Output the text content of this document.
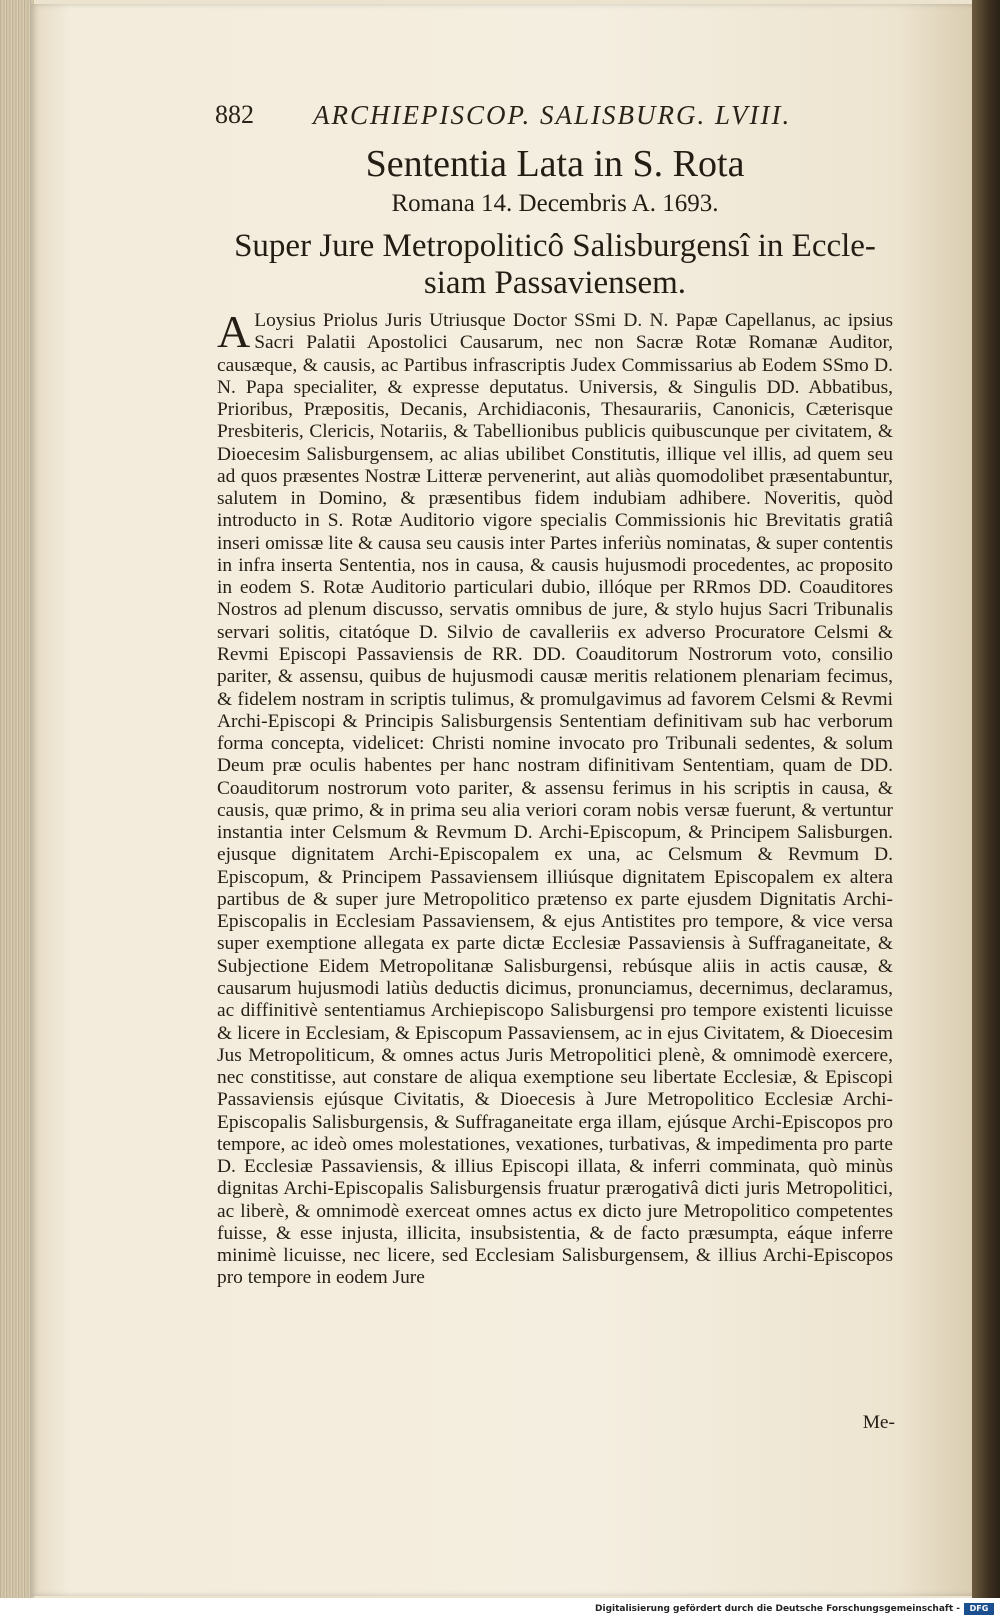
882 ARCHIEPISCOP. SALISBURG. LVIII.
Sententia Lata in S. Rota
Romana 14. Decembris A. 1693.
Super Jure Metropoliticô Salisburgensî in Eccle-
siam Passaviensem.

A Loysius Priolus Juris Utriusque Doctor SSmi D. N. Papæ Capellanus, ac ipsius Sacri Palatii Apostolici Causarum, nec non Sacræ Rotæ Romanæ Auditor, causæque, & causis, ac Partibus infrascriptis Judex Commissarius ab Eodem SSmo D. N. Papa specialiter, & expresse deputatus. Universis, & Singulis DD. Abbatibus, Prioribus, Præpositis, Decanis, Archidiaconis, Thesaurariis, Canonicis, Cæterisque Presbiteris, Clericis, Notariis, & Tabellionibus publicis quibuscunque per civitatem, & Dioecesim Salisburgensem, ac alias ubilibet Constitutis, illique vel illis, ad quem seu ad quos præsentes Nostræ Litteræ pervenerint, aut aliàs quomodolibet præsentabuntur, salutem in Domino, & præsentibus fidem indubiam adhibere. Noveritis, quòd introducto in S. Rotæ Auditorio vigore specialis Commissionis hic Brevitatis gratiâ inseri omissæ lite & causa seu causis inter Partes inferiùs nominatas, & super contentis in infra inserta Sententia, nos in causa, & causis hujusmodi procedentes, ac proposito in eodem S. Rotæ Auditorio particulari dubio, illóque per RRmos DD. Coauditores Nostros ad plenum discusso, servatis omnibus de jure, & stylo hujus Sacri Tribunalis servari solitis, citatóque D. Silvio de cavalleriis ex adverso Procuratore Celsmi & Revmi Episcopi Passaviensis de RR. DD. Coauditorum Nostrorum voto, consilio pariter, & assensu, quibus de hujusmodi causæ meritis relationem plenariam fecimus, & fidelem nostram in scriptis tulimus, & promulgavimus ad favorem Celsmi & Revmi Archi-Episcopi & Principis Salisburgensis Sententiam definitivam sub hac verborum forma concepta, videlicet: Christi nomine invocato pro Tribunali sedentes, & solum Deum præ oculis habentes per hanc nostram difinitivam Sententiam, quam de DD. Coauditorum nostrorum voto pariter, & assensu ferimus in his scriptis in causa, & causis, quæ primo, & in prima seu alia veriori coram nobis versæ fuerunt, & vertuntur instantia inter Celsmum & Revmum D. Archi-Episcopum, & Principem Salisburgen. ejusque dignitatem Archi-Episcopalem ex una, ac Celsmum & Revmum D. Episcopum, & Principem Passaviensem illiúsque dignitatem Episcopalem ex altera partibus de & super jure Metropolitico prætenso ex parte ejusdem Dignitatis Archi-Episcopalis in Ecclesiam Passaviensem, & ejus Antistites pro tempore, & vice versa super exemptione allegata ex parte dictæ Ecclesiæ Passaviensis à Suffraganeitate, & Subjectione Eidem Metropolitanæ Salisburgensi, rebúsque aliis in actis causæ, & causarum hujusmodi latiùs deductis dicimus, pronunciamus, decernimus, declaramus, ac diffinitivè sententiamus Archiepiscopo Salisburgensi pro tempore existenti licuisse & licere in Ecclesiam, & Episcopum Passaviensem, ac in ejus Civitatem, & Dioecesim Jus Metropoliticum, & omnes actus Juris Metropolitici plenè, & omnimodè exercere, nec constitisse, aut constare de aliqua exemptione seu libertate Ecclesiæ, & Episcopi Passaviensis ejúsque Civitatis, & Dioecesis à Jure Metropolitico Ecclesiæ Archi-Episcopalis Salisburgensis, & Suffraganeitate erga illam, ejúsque Archi-Episcopos pro tempore, ac ideò omes molestationes, vexationes, turbativas, & impedimenta pro parte D. Ecclesiæ Passaviensis, & illius Episcopi illata, & inferri comminata, quò minùs dignitas Archi-Episcopalis Salisburgensis fruatur prærogativâ dicti juris Metropolitici, ac liberè, & omnimodè exerceat omnes actus ex dicto jure Metropolitico competentes fuisse, & esse injusta, illicita, insubsistentia, & de facto præsumpta, eáque inferre minimè licuisse, nec licere, sed Ecclesiam Salisburgensem, & illius Archi-Episcopos pro tempore in eodem Jure

Me-
Digitalisierung gefördert durch die Deutsche Forschungsgemeinschaft -	DFG
